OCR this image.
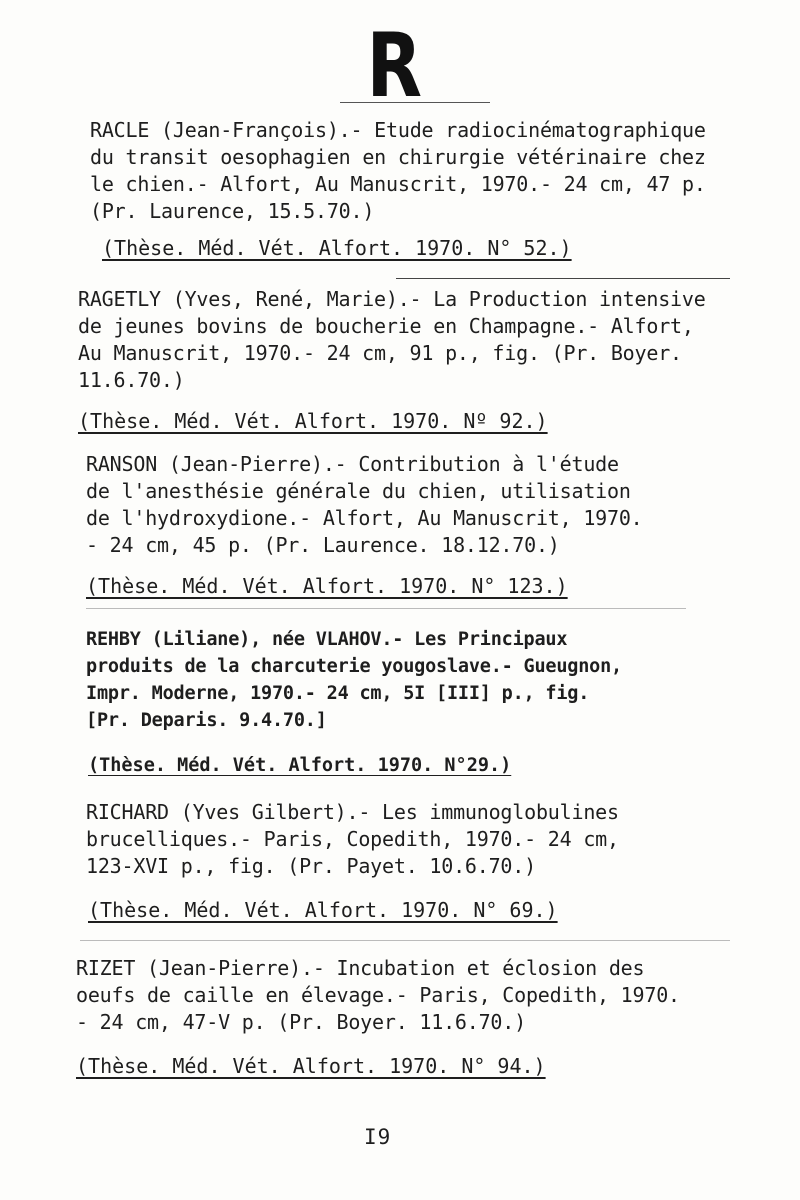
R
RACLE (Jean-François).- Etude radiocinématographique
du transit oesophagien en chirurgie vétérinaire chez
le chien.- Alfort, Au Manuscrit, 1970.- 24 cm, 47 p.
(Pr. Laurence, 15.5.70.)
(Thèse. Méd. Vét. Alfort. 1970. N° 52.)
RAGETLY (Yves, René, Marie).- La Production intensive
de jeunes bovins de boucherie en Champagne.- Alfort,
Au Manuscrit, 1970.- 24 cm, 91 p., fig. (Pr. Boyer.
11.6.70.)
(Thèse. Méd. Vét. Alfort. 1970. Nº 92.)
RANSON (Jean-Pierre).- Contribution à l'étude
de l'anesthésie générale du chien, utilisation
de l'hydroxydione.- Alfort, Au Manuscrit, 1970.
- 24 cm, 45 p. (Pr. Laurence. 18.12.70.)
(Thèse. Méd. Vét. Alfort. 1970. N° 123.)
REHBY (Liliane), née VLAHOV.- Les Principaux
produits de la charcuterie yougoslave.- Gueugnon,
Impr. Moderne, 1970.- 24 cm, 5I [III] p., fig.
[Pr. Deparis. 9.4.70.]
(Thèse. Méd. Vét. Alfort. 1970. N°29.)
RICHARD (Yves Gilbert).- Les immunoglobulines
brucelliques.- Paris, Copedith, 1970.- 24 cm,
123-XVI p., fig. (Pr. Payet. 10.6.70.)
(Thèse. Méd. Vét. Alfort. 1970. N° 69.)
RIZET (Jean-Pierre).- Incubation et éclosion des
oeufs de caille en élevage.- Paris, Copedith, 1970.
- 24 cm, 47-V p. (Pr. Boyer. 11.6.70.)
(Thèse. Méd. Vét. Alfort. 1970. N° 94.)
I9
